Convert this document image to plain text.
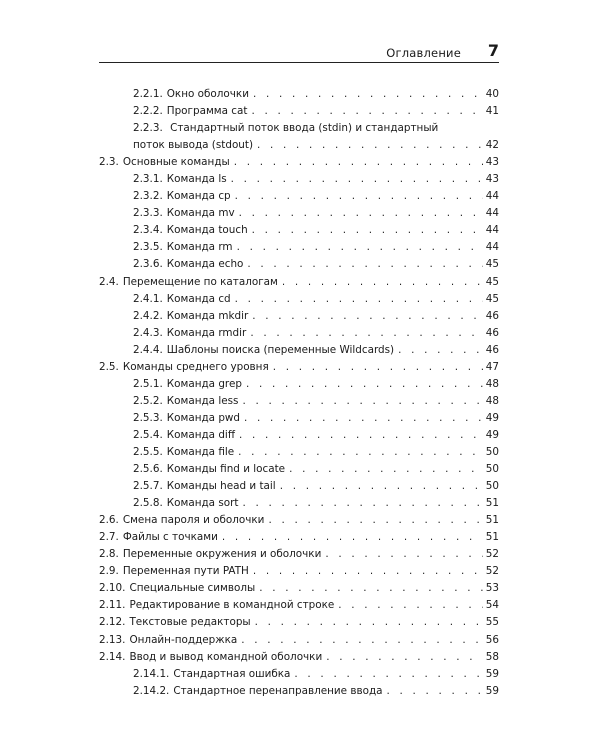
Оглавление 7
2.2.1. Окно оболочки . . .	40
2.2.2. Программа cat . . .	41
2.2.3. Стандартный поток ввода (stdin) и стандартный
поток вывода (stdout) . . .	42
2.3. Основные команды . . .	43
2.3.1. Команда ls . . .	43
2.3.2. Команда cp . . .	44
2.3.3. Команда mv . . .	44
2.3.4. Команда touch . . .	44
2.3.5. Команда rm . . .	44
2.3.6. Команда echo . . .	45
2.4. Перемещение по каталогам . . .	45
2.4.1. Команда cd . . .	45
2.4.2. Команда mkdir . . .	46
2.4.3. Команда rmdir . . .	46
2.4.4. Шаблоны поиска (переменные Wildcards) . . .	46
2.5. Команды среднего уровня . . .	47
2.5.1. Команда grep . . .	48
2.5.2. Команда less . . .	48
2.5.3. Команда pwd . . .	49
2.5.4. Команда diff . . .	49
2.5.5. Команда file . . .	50
2.5.6. Команды find и locate . . .	50
2.5.7. Команды head и tail . . .	50
2.5.8. Команда sort . . .	51
2.6. Смена пароля и оболочки . . .	51
2.7. Файлы с точками . . .	51
2.8. Переменные окружения и оболочки . . .	52
2.9. Переменная пути PATH . . .	52
2.10. Специальные символы . . .	53
2.11. Редактирование в командной строке . . .	54
2.12. Текстовые редакторы . . .	55
2.13. Онлайн-поддержка . . .	56
2.14. Ввод и вывод командной оболочки . . .	58
2.14.1. Стандартная ошибка . . .	59
2.14.2. Стандартное перенаправление ввода . . .	59
